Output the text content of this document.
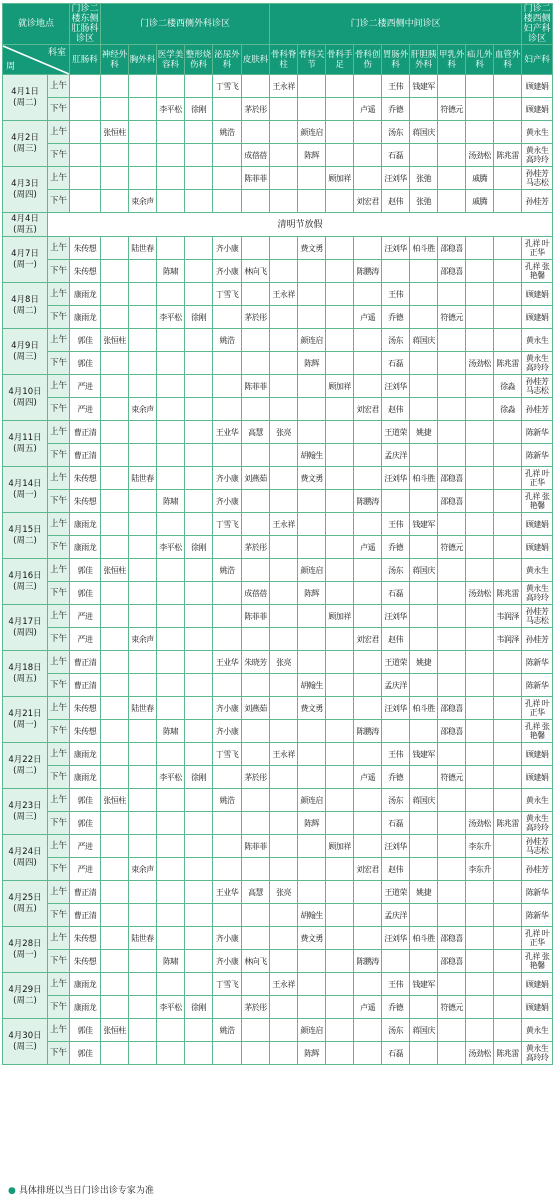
就诊地点		门诊二楼东侧肛肠科诊区	门诊二楼西侧外科诊区						门诊二楼西侧中间诊区									门诊二楼西侧妇产科诊区

科室
周		肛肠科	神经外科	胸外科	医学美容科	整形烧伤科	泌尿外科	皮肤科	骨科脊柱	骨科关节	骨科手足	骨科创伤	胃肠外科	肝胆胰外科	甲乳外科	疝儿外科	血管外科	妇产科

4月1日
(周二)	上午						丁雪飞		王永祥				王伟	钱建军				顾建娟
	下午				李平松	徐刚		茅於彤				卢遥	乔德		符德元			顾建娟

4月2日
(周三)	上午		张恒柱				姚浩			颜连启			汤东	蒋国庆				黄永生
	下午							成蓓蓓		陈辉			石磊			汤劲松	陈兆雷	黄永生 高玲玲

4月3日
(周四)	上午							陈菲菲			顾加祥		汪刘华	张弛		戚腾		孙桂芳 马志松
	下午			束余声								刘宏君	赵伟	张弛		戚腾		孙桂芳

4月4日
(周五)	清明节放假																	

4月7日
(周一)	上午	朱传想		陆世春			齐小康			费文勇			汪刘华	柏斗胜	邵稳喜			孔祥 叶正华
	下午	朱传想			陈啸		齐小康	林向飞				陈鹏涛			邵稳喜			孔祥 张艳馨

4月8日
(周二)	上午	康雨龙					丁雪飞		王永祥				王伟					顾建娟
	下午	康雨龙			李平松	徐刚		茅於彤				卢遥	乔德		符德元			顾建娟

4月9日
(周三)	上午	郭佳	张恒柱				姚浩			颜连启			汤东	蒋国庆				黄永生
	下午	郭佳								陈辉			石磊			汤劲松	陈兆雷	黄永生 高玲玲

4月10日
(周四)	上午	严进						陈菲菲			顾加祥		汪刘华				徐淼	孙桂芳 马志松
	下午	严进		束余声								刘宏君	赵伟				徐淼	孙桂芳

4月11日
(周五)	上午	曹正清					王业华	高慧	张亮				王道荣	姚捷				陈新华
	下午	曹正清								胡翰生			孟庆洋					陈新华

4月14日
(周一)	上午	朱传想		陆世春			齐小康	刘燕茹		费文勇			汪刘华	柏斗胜	邵稳喜			孔祥 叶正华
	下午	朱传想			陈啸		齐小康					陈鹏涛			邵稳喜			孔祥 张艳馨

4月15日
(周二)	上午	康雨龙					丁雪飞		王永祥				王伟	钱建军				顾建娟
	下午	康雨龙			李平松	徐刚		茅於彤				卢遥	乔德		符德元			顾建娟

4月16日
(周三)	上午	郭佳	张恒柱				姚浩			颜连启			汤东	蒋国庆				黄永生
	下午	郭佳						成蓓蓓		陈辉			石磊			汤劲松	陈兆雷	黄永生 高玲玲

4月17日
(周四)	上午	严进						陈菲菲			顾加祥		汪刘华				韦润泽	孙桂芳 马志松
	下午	严进		束余声								刘宏君	赵伟				韦润泽	孙桂芳

4月18日
(周五)	上午	曹正清					王业华	朱晓芳	张亮				王道荣	姚捷				陈新华
	下午	曹正清								胡翰生			孟庆洋					陈新华

4月21日
(周一)	上午	朱传想		陆世春			齐小康	刘燕茹		费文勇			汪刘华	柏斗胜	邵稳喜			孔祥 叶正华
	下午	朱传想			陈啸		齐小康					陈鹏涛			邵稳喜			孔祥 张艳馨

4月22日
(周二)	上午	康雨龙					丁雪飞		王永祥				王伟	钱建军				顾建娟
	下午	康雨龙			李平松	徐刚		茅於彤				卢遥	乔德		符德元			顾建娟

4月23日
(周三)	上午	郭佳	张恒柱				姚浩			颜连启			汤东	蒋国庆				黄永生
	下午	郭佳								陈辉			石磊			汤劲松	陈兆雷	黄永生 高玲玲

4月24日
(周四)	上午	严进						陈菲菲			顾加祥		汪刘华			李东升		孙桂芳 马志松
	下午	严进		束余声								刘宏君	赵伟			李东升		孙桂芳

4月25日
(周五)	上午	曹正清					王业华	高慧	张亮				王道荣	姚捷				陈新华
	下午	曹正清								胡翰生			孟庆洋					陈新华

4月28日
(周一)	上午	朱传想		陆世春			齐小康			费文勇			汪刘华	柏斗胜	邵稳喜			孔祥 叶正华
	下午	朱传想			陈啸		齐小康	林向飞				陈鹏涛			邵稳喜			孔祥 张艳馨

4月29日
(周二)	上午	康雨龙					丁雪飞		王永祥				王伟	钱建军				顾建娟
	下午	康雨龙			李平松	徐刚		茅於彤				卢遥	乔德		符德元			顾建娟

4月30日
(周三)	上午	郭佳	张恒柱				姚浩			颜连启			汤东	蒋国庆				黄永生
	下午	郭佳								陈辉			石磊			汤劲松	陈兆雷	黄永生 高玲玲
● 具体排班以当日门诊出诊专家为准
